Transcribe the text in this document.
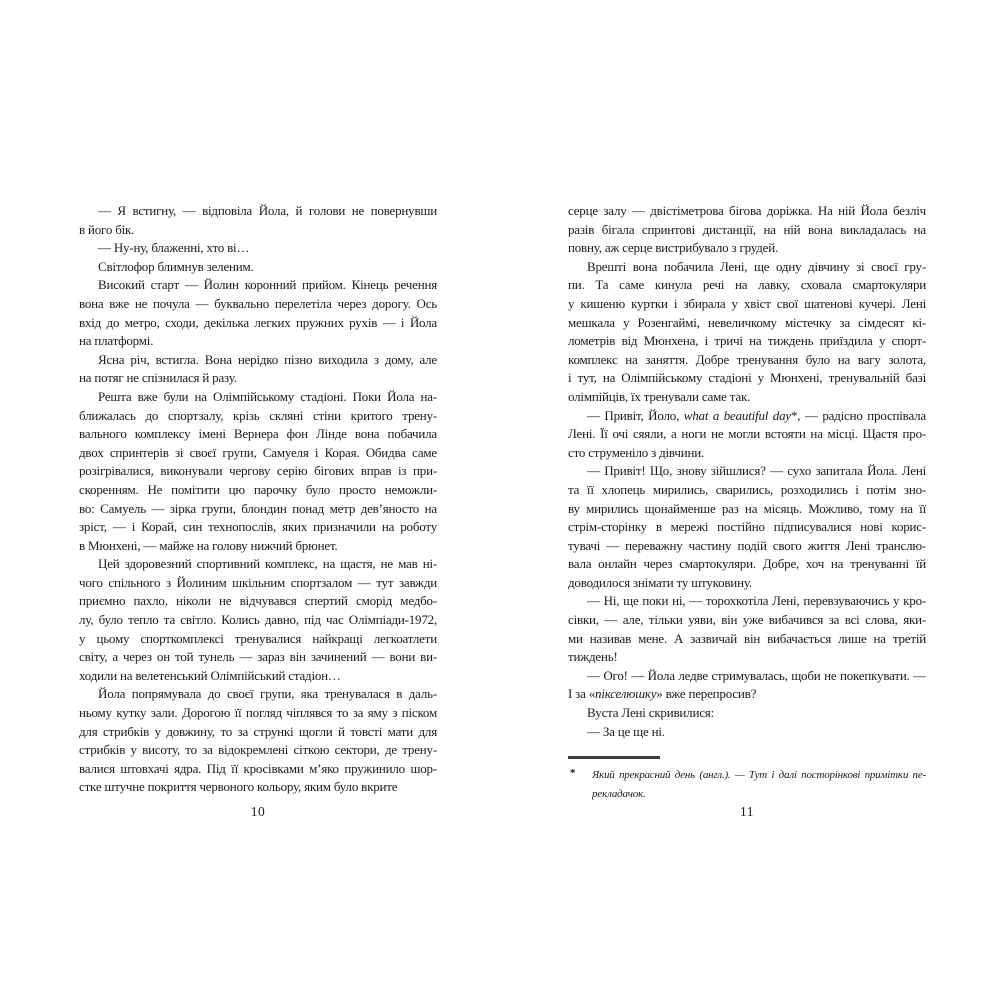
— Я встигну, — відповіла Йола, й голови не повернувши
в його бік.
— Ну-ну, блаженні, хто ві…
Світлофор блимнув зеленим.
Високий старт — Йолин коронний прийом. Кінець речення
вона вже не почула — буквально перелетіла через дорогу. Ось
вхід до метро, сходи, декілька легких пружних рухів — і Йола
на платформі.
Ясна річ, встигла. Вона нерідко пізно виходила з дому, але
на потяг не спізнилася й разу.
Решта вже були на Олімпійському стадіоні. Поки Йола на-
ближалась до спортзалу, крізь скляні стіни критого трену-
вального комплексу імені Вернера фон Лінде вона побачила
двох спринтерів зі своєї групи, Самуеля і Корая. Обидва саме
розігрівалися, виконували чергову серію бігових вправ із при-
скоренням. Не помітити цю парочку було просто неможли-
во: Самуель — зірка групи, блондин понад метр дев’яносто на
зріст, — і Корай, син технопослів, яких призначили на роботу
в Мюнхені, — майже на голову нижчий брюнет.
Цей здоровезний спортивний комплекс, на щастя, не мав ні-
чого спільного з Йолиним шкільним спортзалом — тут завжди
приємно пахло, ніколи не відчувався спертий сморід медбо-
лу, було тепло та світло. Колись давно, під час Олімпіади-1972,
у цьому спорткомплексі тренувалися найкращі легкоатлети
світу, а через он той тунель — зараз він зачинений — вони ви-
ходили на велетенський Олімпійський стадіон…
Йола попрямувала до своєї групи, яка тренувалася в даль-
ньому кутку зали. Дорогою її погляд чіплявся то за яму з піском
для стрибків у довжину, то за стрункі щогли й товсті мати для
стрибків у висоту, то за відокремлені сіткою сектори, де трену-
валися штовхачі ядра. Під її кросівками м’яко пружинило шор-
стке штучне покриття червоного кольору, яким було вкрите
10
серце залу — двістіметрова бігова доріжка. На ній Йола безліч
разів бігала спринтові дистанції, на ній вона викладалась на
повну, аж серце вистрибувало з грудей.
Врешті вона побачила Лені, ще одну дівчину зі своєї гру-
пи. Та саме кинула речі на лавку, сховала смартокуляри
у кишеню куртки і збирала у хвіст свої шатенові кучері. Лені
мешкала у Розенгаймі, невеличкому містечку за сімдесят кі-
лометрів від Мюнхена, і тричі на тиждень приїздила у спорт-
комплекс на заняття. Добре тренування було на вагу золота,
і тут, на Олімпійському стадіоні у Мюнхені, тренувальній базі
олімпійців, їх тренували саме так.
— Привіт, Йоло, what a beautiful day*, — радісно проспівала
Лені. Її очі сяяли, а ноги не могли встояти на місці. Щастя про-
сто струменіло з дівчини.
— Привіт! Що, знову зійшлися? — сухо запитала Йола. Лені
та її хлопець мирились, сварились, розходились і потім зно-
ву мирились щонайменше раз на місяць. Можливо, тому на її
стрім-сторінку в мережі постійно підписувалися нові корис-
тувачі — переважну частину подій свого життя Лені транслю-
вала онлайн через смартокуляри. Добре, хоч на тренуванні їй
доводилося знімати ту штуковину.
— Ні, ще поки ні, — торохкотіла Лені, перевзуваючись у кро-
сівки, — але, тільки уяви, він уже вибачився за всі слова, яки-
ми називав мене. А зазвичай він вибачається лише на третій
тиждень!
— Ого! — Йола ледве стримувалась, щоби не покепкувати. —
І за «пікселюшку» вже перепросив?
Вуста Лені скривилися:
— За це ще ні.
* Який прекрасний день (англ.). — Тут і далі посторінкові примітки пе-
рекладачок.
11
